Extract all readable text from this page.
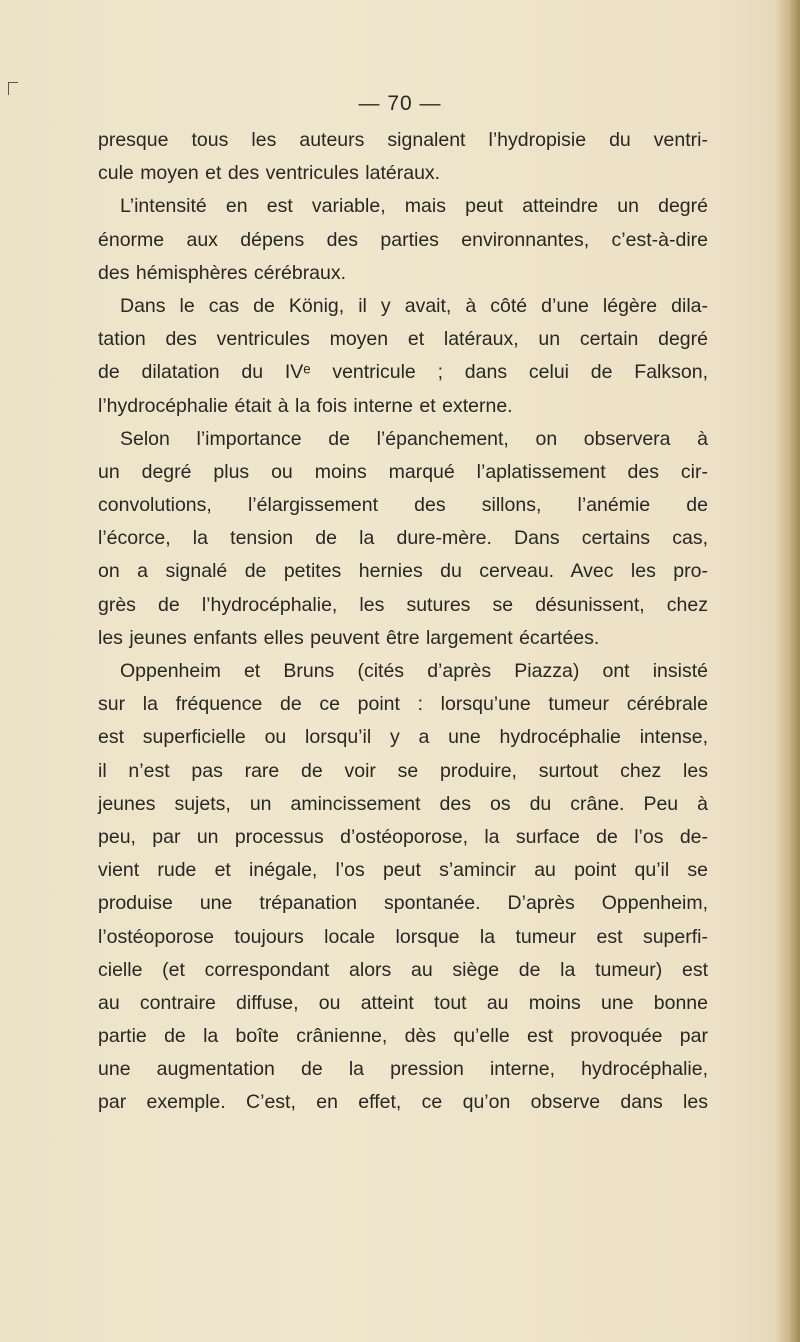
— 70 —
presque tous les auteurs signalent l’hydropisie du ventri-
cule moyen et des ventricules latéraux.
L’intensité en est variable, mais peut atteindre un degré
énorme aux dépens des parties environnantes, c’est-à-dire
des hémisphères cérébraux.
Dans le cas de König, il y avait, à côté d’une légère dila-
tation des ventricules moyen et latéraux, un certain degré
de dilatation du IVᵉ ventricule ; dans celui de Falkson,
l’hydrocéphalie était à la fois interne et externe.
Selon l’importance de l’épanchement, on observera à
un degré plus ou moins marqué l’aplatissement des cir-
convolutions, l’élargissement des sillons, l’anémie de
l’écorce, la tension de la dure-mère. Dans certains cas,
on a signalé de petites hernies du cerveau. Avec les pro-
grès de l’hydrocéphalie, les sutures se désunissent, chez
les jeunes enfants elles peuvent être largement écartées.
Oppenheim et Bruns (cités d’après Piazza) ont insisté
sur la fréquence de ce point : lorsqu’une tumeur cérébrale
est superficielle ou lorsqu’il y a une hydrocéphalie intense,
il n’est pas rare de voir se produire, surtout chez les
jeunes sujets, un amincissement des os du crâne. Peu à
peu, par un processus d’ostéoporose, la surface de l’os de-
vient rude et inégale, l’os peut s’amincir au point qu’il se
produise une trépanation spontanée. D’après Oppenheim,
l’ostéoporose toujours locale lorsque la tumeur est superfi-
cielle (et correspondant alors au siège de la tumeur) est
au contraire diffuse, ou atteint tout au moins une bonne
partie de la boîte crânienne, dès qu’elle est provoquée par
une augmentation de la pression interne, hydrocéphalie,
par exemple. C’est, en effet, ce qu’on observe dans les
